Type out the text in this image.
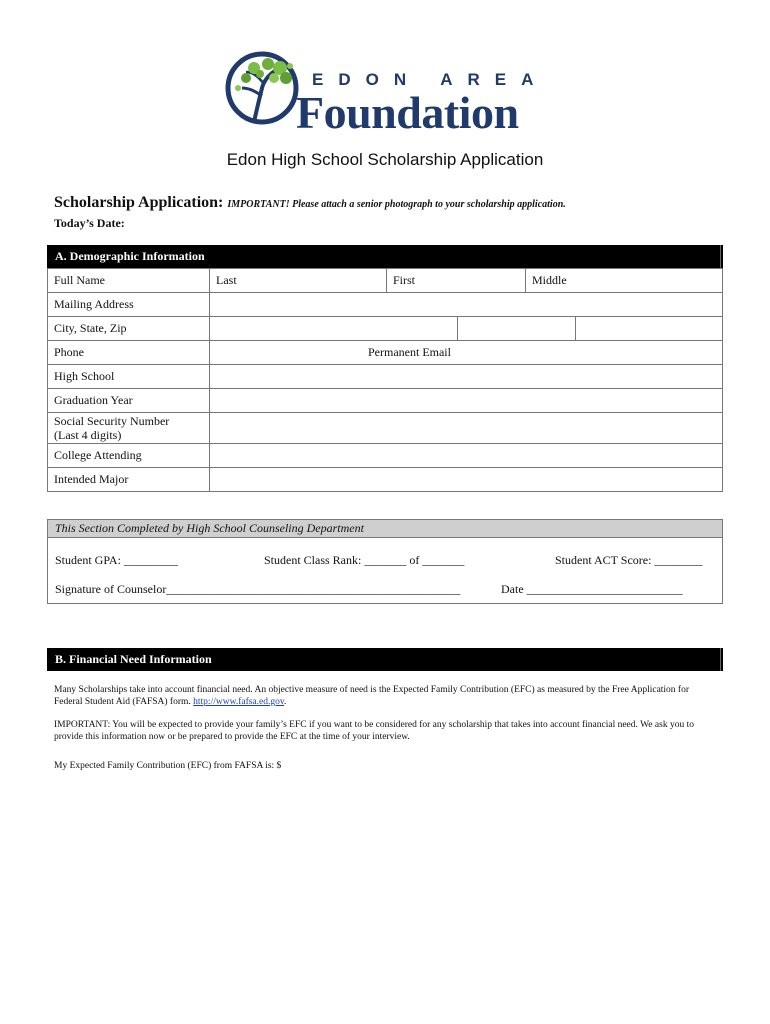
EDON AREA
Foundation
Edon High School Scholarship Application
Scholarship Application: IMPORTANT! Please attach a senior photograph to your scholarship application.
Today’s Date:
A. Demographic Information
Full Name	Last	First	Middle
Mailing Address			
City, State, Zip			

Phone	Permanent Email		

High School			
Graduation Year			

Social Security Number
(Last 4 digits)			

College Attending			
Intended Major			
This Section Completed by High School Counseling Department
Student GPA: _________	Student Class Rank: _______ of _______	Student ACT Score: ________
Signature of Counselor_________________________________________________	Date __________________________
B. Financial Need Information
Many Scholarships take into account financial need. An objective measure of need is the Expected Family Contribution (EFC) as measured by the Free Application for Federal Student Aid (FAFSA) form. http://www.fafsa.ed.gov.
IMPORTANT: You will be expected to provide your family’s EFC if you want to be considered for any scholarship that takes into account financial need. We ask you to provide this information now or be prepared to provide the EFC at the time of your interview.
My Expected Family Contribution (EFC) from FAFSA is: $
